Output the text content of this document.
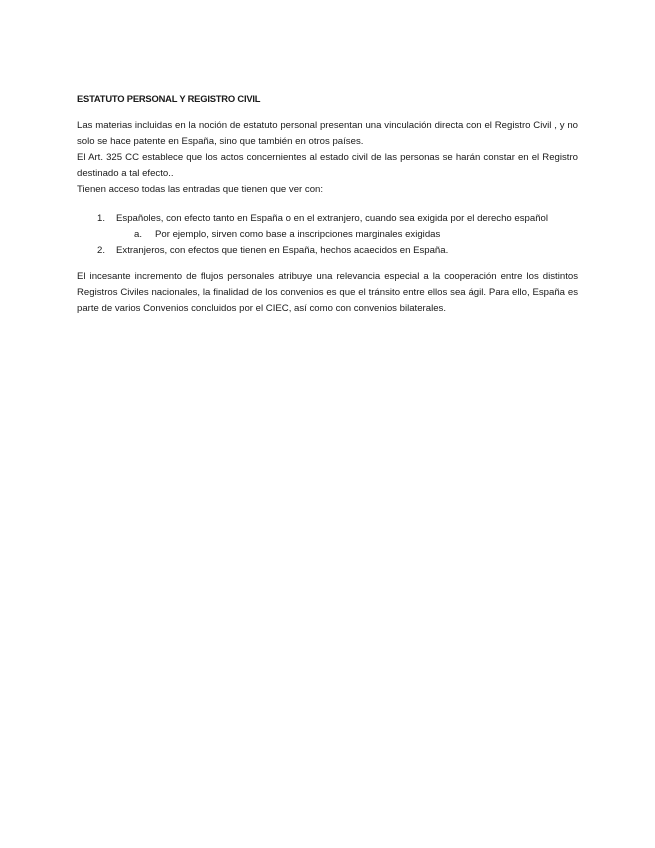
ESTATUTO PERSONAL Y REGISTRO CIVIL

Las materias incluidas en la noción de estatuto personal presentan una vinculación directa con el Registro Civil , y no solo se hace patente en España, sino que también en otros países.

El Art. 325 CC establece que los actos concernientes al estado civil de las personas se harán constar en el Registro destinado a tal efecto..

Tienen acceso todas las entradas que tienen que ver con:

1. Españoles, con efecto tanto en España o en el extranjero, cuando sea exigida por el derecho español
a. Por ejemplo, sirven como base a inscripciones marginales exigidas
2. Extranjeros, con efectos que tienen en España, hechos acaecidos en España.

El incesante incremento de flujos personales atribuye una relevancia especial a la cooperación entre los distintos Registros Civiles nacionales, la finalidad de los convenios es que el tránsito entre ellos sea ágil. Para ello, España es parte de varios Convenios concluidos por el CIEC, así como con convenios bilaterales.
